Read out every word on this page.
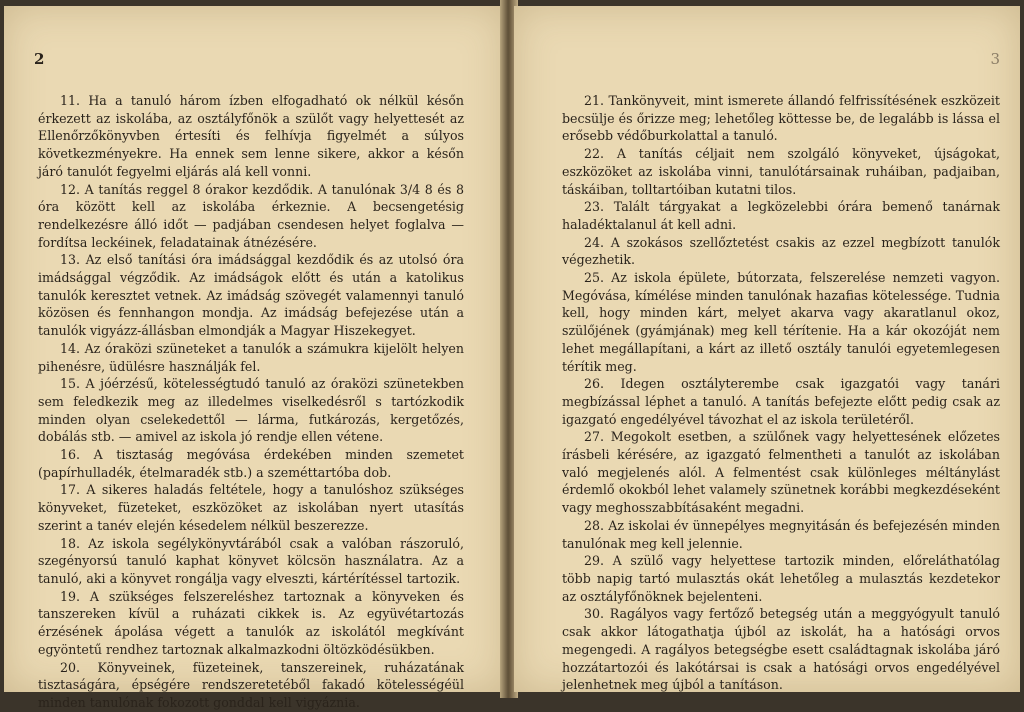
2

11. Ha a tanuló három ízben elfogadható ok nélkül későn érkezett az iskolába, az osztályfőnök a szülőt vagy helyettesét az Ellenőrzőkönyvben értesíti és felhívja figyelmét a súlyos következményekre. Ha ennek sem lenne sikere, akkor a későn járó tanulót fegyelmi eljárás alá kell vonni.

12. A tanítás reggel 8 órakor kezdődik. A tanulónak 3/4 8 és 8 óra között kell az iskolába érkeznie. A becsengetésig rendelkezésre álló időt — padjában csendesen helyet foglalva — fordítsa leckéinek, feladatainak átnézésére.

13. Az első tanítási óra imádsággal kezdődik és az utolsó óra imádsággal végződik. Az imádságok előtt és után a katolikus tanulók keresztet vetnek. Az imádság szövegét valamennyi tanuló közösen és fennhangon mondja. Az imádság befejezése után a tanulók vigyázz-állásban elmondják a Magyar Hiszekegyet.

14. Az óraközi szüneteket a tanulók a számukra kijelölt helyen pihenésre, üdülésre használják fel.

15. A jóérzésű, kötelességtudó tanuló az óraközi szünetekben sem feledkezik meg az illedelmes viselkedésről s tartózkodik minden olyan cselekedettől — lárma, futkározás, kergetőzés, dobálás stb. — amivel az iskola jó rendje ellen vétene.

16. A tisztaság megóvása érdekében minden szemetet (papírhulladék, ételmaradék stb.) a szeméttartóba dob.

17. A sikeres haladás feltétele, hogy a tanulóshoz szükséges könyveket, füzeteket, eszközöket az iskolában nyert utasítás szerint a tanév elején késedelem nélkül beszerezze.

18. Az iskola segélykönyvtárából csak a valóban rászoruló, szegényorsú tanuló kaphat könyvet kölcsön használatra. Az a tanuló, aki a könyvet rongálja vagy elveszti, kártérítéssel tartozik.

19. A szükséges felszereléshez tartoznak a könyveken és tanszereken kívül a ruházati cikkek is. Az együvétartozás érzésének ápolása végett a tanulók az iskolától megkívánt egyöntetű rendhez tartoznak alkalmazkodni öltözködésükben.

20. Könyveinek, füzeteinek, tanszereinek, ruházatának tisztaságára, épségére rendszeretetéből fakadó kötelességéül minden tanulónak fokozott gonddal kell vigyáznia.

3

21. Tankönyveit, mint ismerete állandó felfrissítésének eszközeit becsülje és őrizze meg; lehetőleg köttesse be, de legalább is lássa el erősebb védőburkolattal a tanuló.

22. A tanítás céljait nem szolgáló könyveket, újságokat, eszközöket az iskolába vinni, tanulótársainak ruháiban, padjaiban, táskáiban, tolltartóiban kutatni tilos.

23. Talált tárgyakat a legközelebbi órára bemenő tanárnak haladéktalanul át kell adni.

24. A szokásos szellőztetést csakis az ezzel megbízott tanulók végezhetik.

25. Az iskola épülete, bútorzata, felszerelése nemzeti vagyon. Megóvása, kímélése minden tanulónak hazafias kötelessége. Tudnia kell, hogy minden kárt, melyet akarva vagy akaratlanul okoz, szülőjének (gyámjának) meg kell térítenie. Ha a kár okozóját nem lehet megállapítani, a kárt az illető osztály tanulói egyetemlegesen térítik meg.

26. Idegen osztályterembe csak igazgatói vagy tanári megbízással léphet a tanuló. A tanítás befejezte előtt pedig csak az igazgató engedélyével távozhat el az iskola területéről.

27. Megokolt esetben, a szülőnek vagy helyettesének előzetes írásbeli kérésére, az igazgató felmentheti a tanulót az iskolában való megjelenés alól. A felmentést csak különleges méltánylást érdemlő okokból lehet valamely szünetnek korábbi megkezdéseként vagy meghosszabbításaként megadni.

28. Az iskolai év ünnepélyes megnyitásán és befejezésén minden tanulónak meg kell jelennie.

29. A szülő vagy helyettese tartozik minden, előreláthatólag több napig tartó mulasztás okát lehetőleg a mulasztás kezdetekor az osztályfőnöknek bejelenteni.

30. Ragályos vagy fertőző betegség után a meggyógyult tanuló csak akkor látogathatja újból az iskolát, ha a hatósági orvos megengedi. A ragályos betegségbe esett családtagnak iskolába járó hozzátartozói és lakótársai is csak a hatósági orvos engedélyével jelenhetnek meg újból a tanításon.
